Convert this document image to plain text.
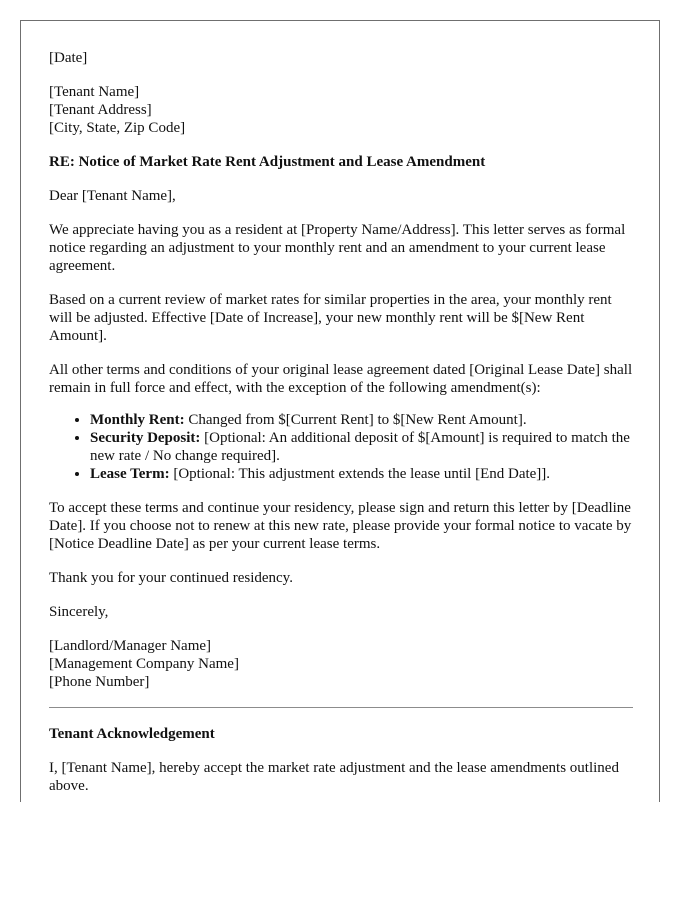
[Date]

[Tenant Name]
[Tenant Address]
[City, State, Zip Code]

RE: Notice of Market Rate Rent Adjustment and Lease Amendment

Dear [Tenant Name],

We appreciate having you as a resident at [Property Name/Address]. This letter serves as formal notice regarding an adjustment to your monthly rent and an amendment to your current lease agreement.

Based on a current review of market rates for similar properties in the area, your monthly rent will be adjusted. Effective [Date of Increase], your new monthly rent will be $[New Rent Amount].

All other terms and conditions of your original lease agreement dated [Original Lease Date] shall remain in full force and effect, with the exception of the following amendment(s):

• Monthly Rent: Changed from $[Current Rent] to $[New Rent Amount].
• Security Deposit: [Optional: An additional deposit of $[Amount] is required to match the new rate / No change required].
• Lease Term: [Optional: This adjustment extends the lease until [End Date]].

To accept these terms and continue your residency, please sign and return this letter by [Deadline Date]. If you choose not to renew at this new rate, please provide your formal notice to vacate by [Notice Deadline Date] as per your current lease terms.

Thank you for your continued residency.

Sincerely,

[Landlord/Manager Name]
[Management Company Name]
[Phone Number]

Tenant Acknowledgement

I, [Tenant Name], hereby accept the market rate adjustment and the lease amendments outlined above.
